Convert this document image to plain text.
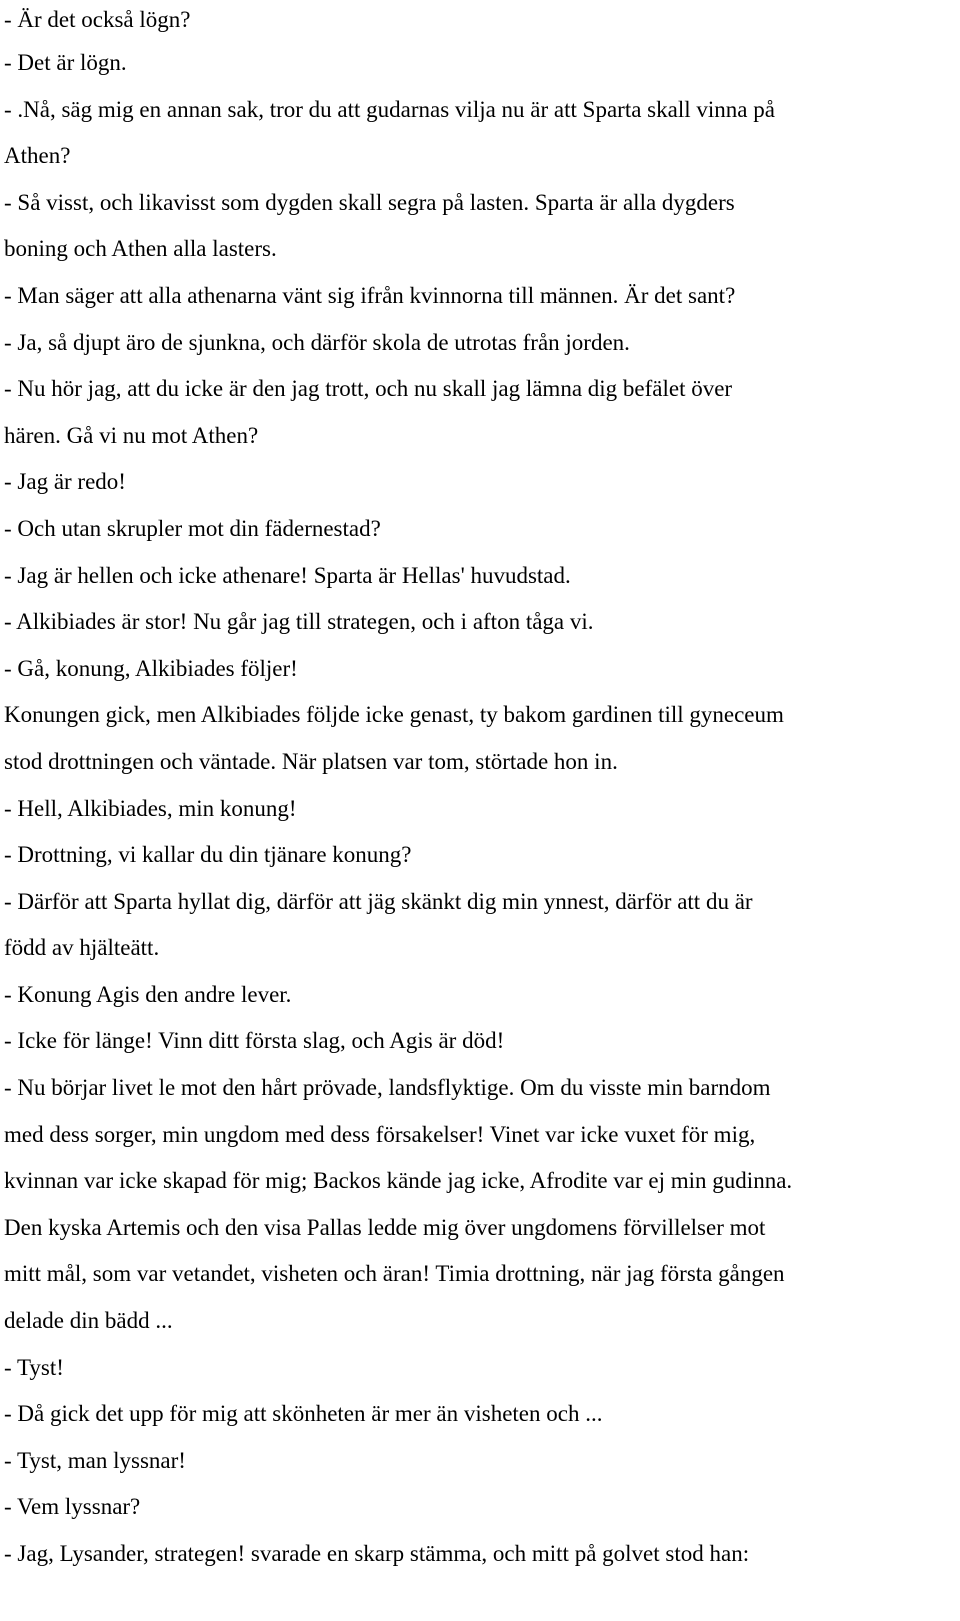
- Är det också lögn?
- Det är lögn.
- .Nå, säg mig en annan sak, tror du att gudarnas vilja nu är att Sparta skall vinna på
Athen?
- Så visst, och likavisst som dygden skall segra på lasten. Sparta är alla dygders
boning och Athen alla lasters.
- Man säger att alla athenarna vänt sig ifrån kvinnorna till männen. Är det sant?
- Ja, så djupt äro de sjunkna, och därför skola de utrotas från jorden.
- Nu hör jag, att du icke är den jag trott, och nu skall jag lämna dig befälet över
hären. Gå vi nu mot Athen?
- Jag är redo!
- Och utan skrupler mot din fädernestad?
- Jag är hellen och icke athenare! Sparta är Hellas' huvudstad.
- Alkibiades är stor! Nu går jag till strategen, och i afton tåga vi.
- Gå, konung, Alkibiades följer!
Konungen gick, men Alkibiades följde icke genast, ty bakom gardinen till gyneceum
stod drottningen och väntade. När platsen var tom, störtade hon in.
- Hell, Alkibiades, min konung!
- Drottning, vi kallar du din tjänare konung?
- Därför att Sparta hyllat dig, därför att jäg skänkt dig min ynnest, därför att du är
född av hjälteätt.
- Konung Agis den andre lever.
- Icke för länge! Vinn ditt första slag, och Agis är död!
- Nu börjar livet le mot den hårt prövade, landsflyktige. Om du visste min barndom
med dess sorger, min ungdom med dess försakelser! Vinet var icke vuxet för mig,
kvinnan var icke skapad för mig; Backos kände jag icke, Afrodite var ej min gudinna.
Den kyska Artemis och den visa Pallas ledde mig över ungdomens förvillelser mot
mitt mål, som var vetandet, visheten och äran! Timia drottning, när jag första gången
delade din bädd ...
- Tyst!
- Då gick det upp för mig att skönheten är mer än visheten och ...
- Tyst, man lyssnar!
- Vem lyssnar?
- Jag, Lysander, strategen! svarade en skarp stämma, och mitt på golvet stod han:
